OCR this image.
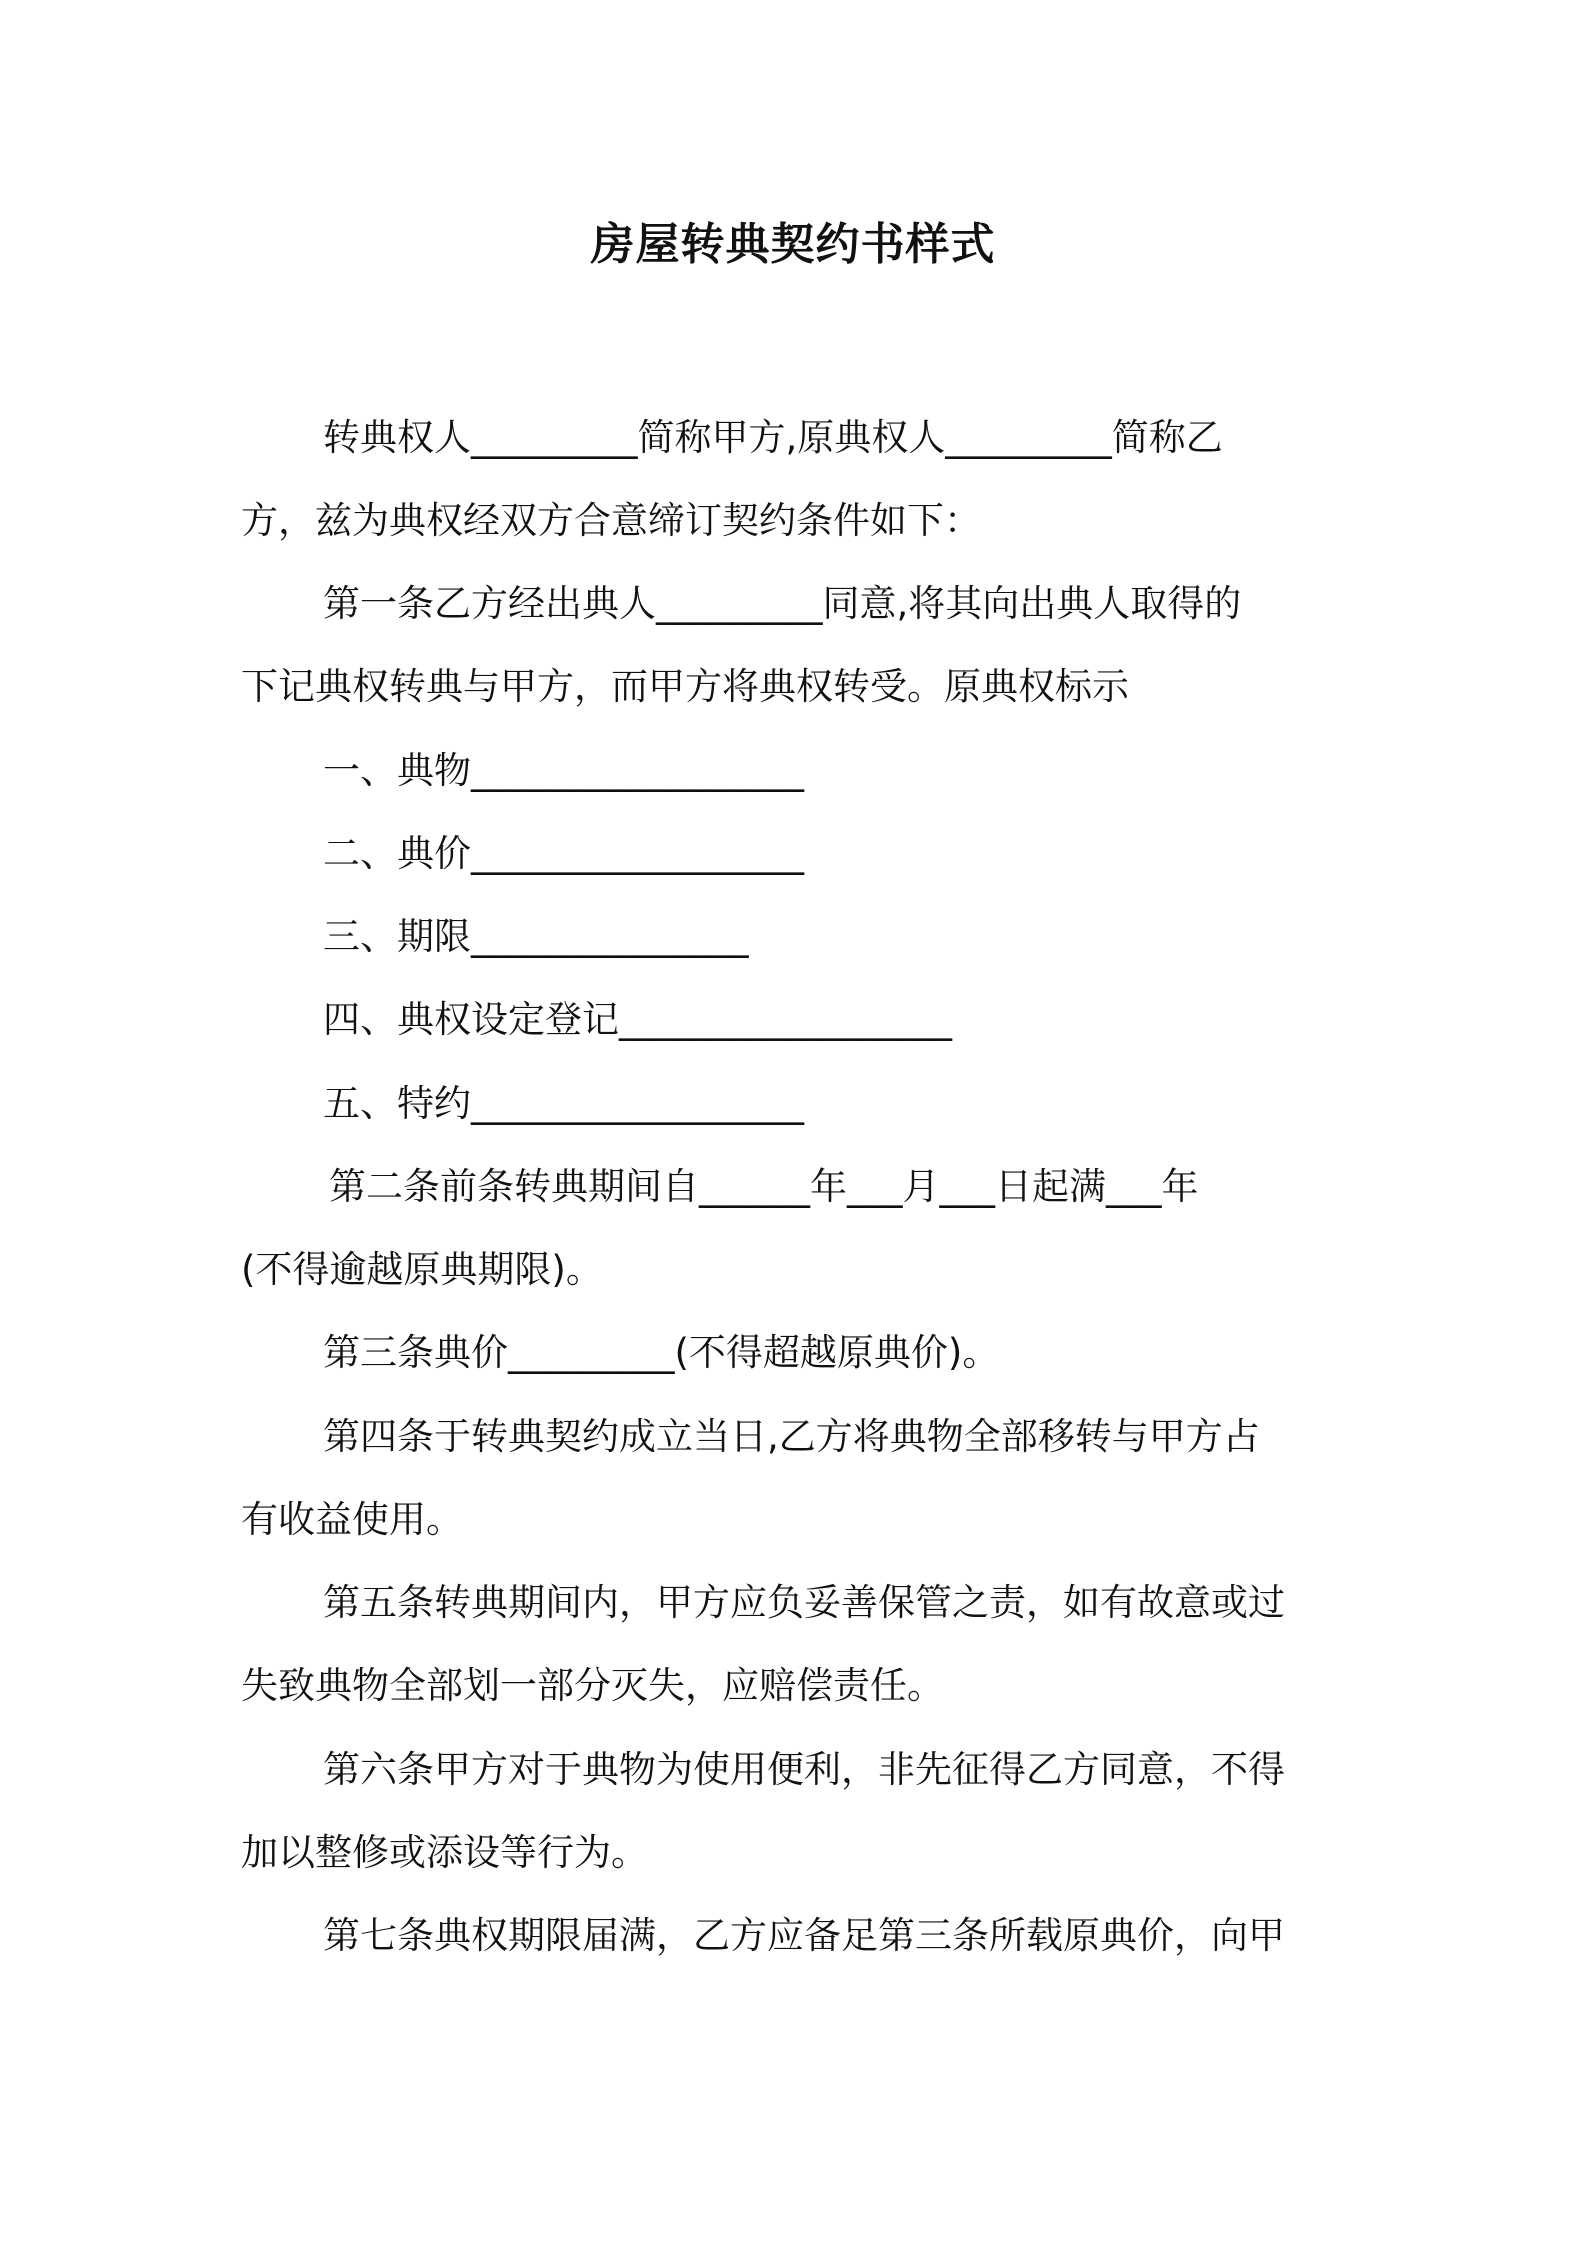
房屋转典契约书样式

转典权人_________简称甲方,原典权人_________简称乙

方，兹为典权经双方合意缔订契约条件如下：

第一条乙方经出典人_________同意,将其向出典人取得的

下记典权转典与甲方，而甲方将典权转受。原典权标示

一、典物__________________

二、典价__________________

三、期限_______________

四、典权设定登记__________________

五、特约__________________

第二条前条转典期间自______年___月___日起满___年

(不得逾越原典期限)。

第三条典价_________(不得超越原典价)。

第四条于转典契约成立当日,乙方将典物全部移转与甲方占

有收益使用。

第五条转典期间内，甲方应负妥善保管之责，如有故意或过

失致典物全部划一部分灭失，应赔偿责任。

第六条甲方对于典物为使用便利，非先征得乙方同意，不得

加以整修或添设等行为。

第七条典权期限届满，乙方应备足第三条所载原典价，向甲
